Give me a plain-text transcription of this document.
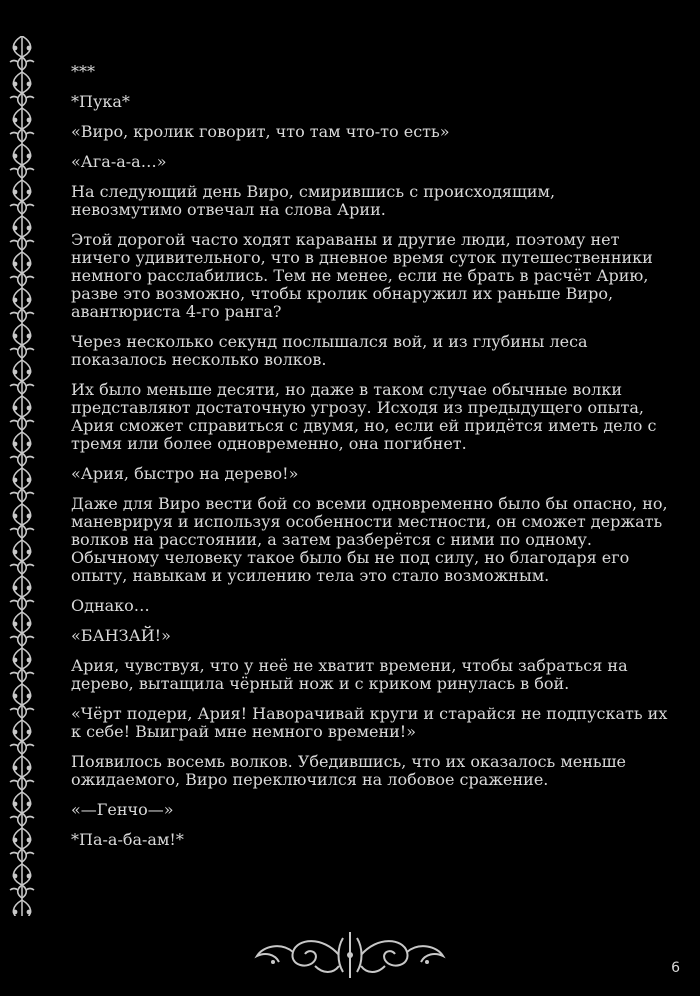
***

*Пука*

«Виро, кролик говорит, что там что-то есть»

«Ага-а-а…»

На следующий день Виро, смирившись с происходящим, невозмутимо отвечал на слова Арии.

Этой дорогой часто ходят караваны и другие люди, поэтому нет ничего удивительного, что в дневное время суток путешественники немного расслабились. Тем не менее, если не брать в расчёт Арию, разве это возможно, чтобы кролик обнаружил их раньше Виро, авантюриста 4-го ранга?

Через несколько секунд послышался вой, и из глубины леса показалось несколько волков.

Их было меньше десяти, но даже в таком случае обычные волки представляют достаточную угрозу. Исходя из предыдущего опыта, Ария сможет справиться с двумя, но, если ей придётся иметь дело с тремя или более одновременно, она погибнет.

«Ария, быстро на дерево!»

Даже для Виро вести бой со всеми одновременно было бы опасно, но, маневрируя и используя особенности местности, он сможет держать волков на расстоянии, а затем разберётся с ними по одному. Обычному человеку такое было бы не под силу, но благодаря его опыту, навыкам и усилению тела это стало возможным.

Однако…

«БАНЗАЙ!»

Ария, чувствуя, что у неё не хватит времени, чтобы забраться на дерево, вытащила чёрный нож и с криком ринулась в бой.

«Чёрт подери, Ария! Наворачивай круги и старайся не подпускать их к себе! Выиграй мне немного времени!»

Появилось восемь волков. Убедившись, что их оказалось меньше ожидаемого, Виро переключился на лобовое сражение.

«—Генчо—»

*Па-а-ба-ам!*

6
